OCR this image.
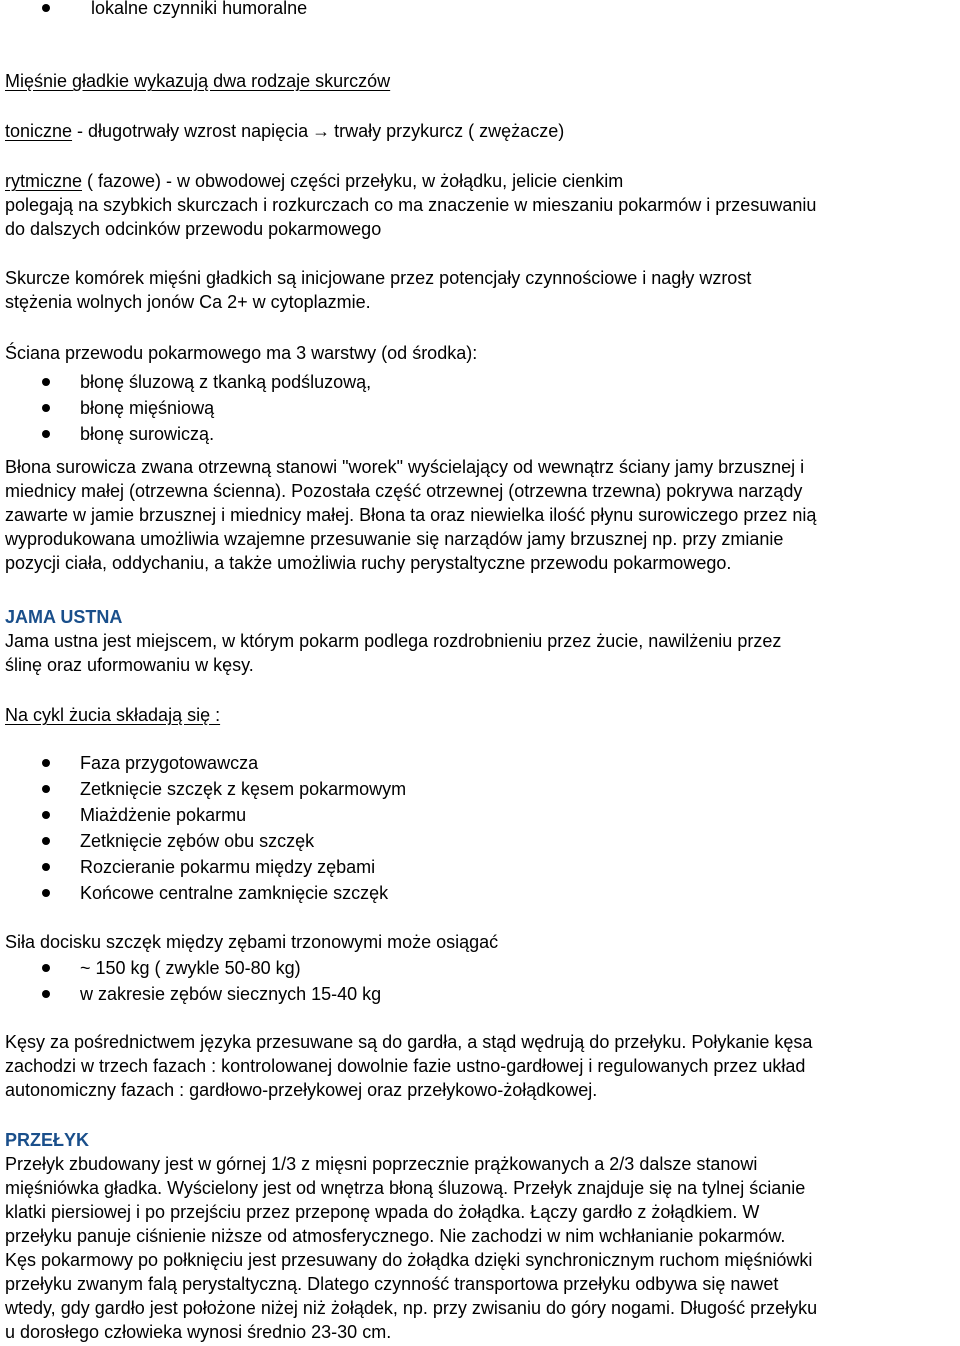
lokalne czynniki humoralne

Mięśnie gładkie wykazują dwa rodzaje skurczów

toniczne - długotrwały wzrost napięcia → trwały przykurcz ( zwężacze)

rytmiczne ( fazowe) - w obwodowej części przełyku, w żołądku, jelicie cienkim

polegają na szybkich skurczach i rozkurczach co ma znaczenie w mieszaniu pokarmów i przesuwaniu

do dalszych odcinków przewodu pokarmowego

Skurcze komórek mięśni gładkich są inicjowane przez potencjały czynnościowe i nagły wzrost

stężenia wolnych jonów Ca 2+ w cytoplazmie.

Ściana przewodu pokarmowego ma 3 warstwy (od środka):

błonę śluzową z tkanką podśluzową,
błonę mięśniową
błonę surowiczą.

Błona surowicza zwana otrzewną stanowi "worek" wyścielający od wewnątrz ściany jamy brzusznej i

miednicy małej (otrzewna ścienna). Pozostała część otrzewnej (otrzewna trzewna) pokrywa narządy

zawarte w jamie brzusznej i miednicy małej. Błona ta oraz niewielka ilość płynu surowiczego przez nią

wyprodukowana umożliwia wzajemne przesuwanie się narządów jamy brzusznej np. przy zmianie

pozycji ciała, oddychaniu, a także umożliwia ruchy perystaltyczne przewodu pokarmowego.

JAMA USTNA

Jama ustna jest miejscem, w którym pokarm podlega rozdrobnieniu przez żucie, nawilżeniu przez

ślinę oraz uformowaniu w kęsy.

Na cykl żucia składają się :

Faza przygotowawcza
Zetknięcie szczęk z kęsem pokarmowym
Miażdżenie pokarmu
Zetknięcie zębów obu szczęk
Rozcieranie pokarmu między zębami
Końcowe centralne zamknięcie szczęk

Siła docisku szczęk między zębami trzonowymi może osiągać

~ 150 kg ( zwykle 50-80 kg)
w zakresie zębów siecznych 15-40 kg

Kęsy za pośrednictwem języka przesuwane są do gardła, a stąd wędrują do przełyku. Połykanie kęsa

zachodzi w trzech fazach : kontrolowanej dowolnie fazie ustno-gardłowej i regulowanych przez układ

autonomiczny fazach : gardłowo-przełykowej oraz przełykowo-żołądkowej.

PRZEŁYK

Przełyk zbudowany jest w górnej 1/3 z mięsni poprzecznie prążkowanych a 2/3 dalsze stanowi

mięśniówka gładka. Wyścielony jest od wnętrza błoną śluzową. Przełyk znajduje się na tylnej ścianie

klatki piersiowej i po przejściu przez przeponę wpada do żołądka. Łączy gardło z żołądkiem. W

przełyku panuje ciśnienie niższe od atmosferycznego. Nie zachodzi w nim wchłanianie pokarmów.

Kęs pokarmowy po połknięciu jest przesuwany do żołądka dzięki synchronicznym ruchom mięśniówki

przełyku zwanym falą perystaltyczną. Dlatego czynność transportowa przełyku odbywa się nawet

wtedy, gdy gardło jest położone niżej niż żołądek, np. przy zwisaniu do góry nogami. Długość przełyku

u dorosłego człowieka wynosi średnio 23-30 cm.
